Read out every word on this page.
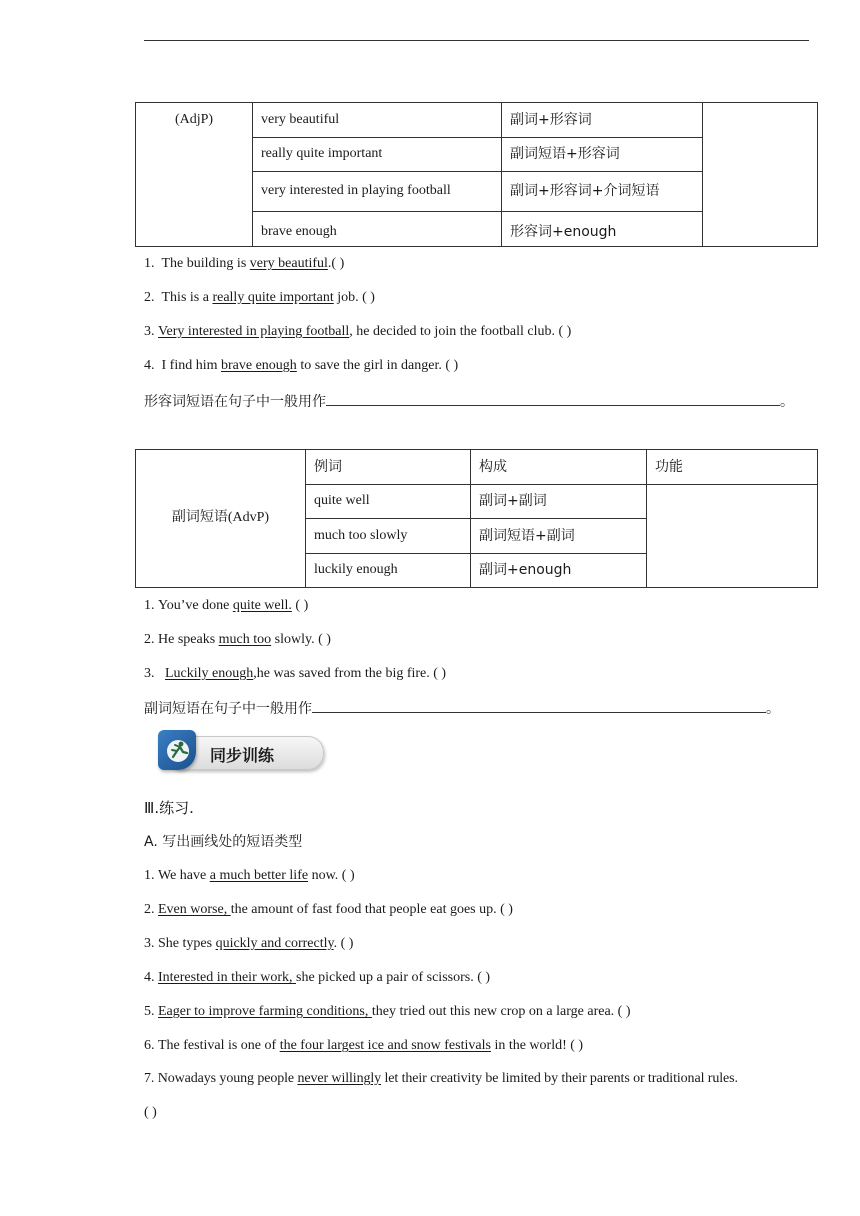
(AdjP)	very beautiful	副词+形容词	
	really quite important	副词短语+形容词	
	very interested in playing football	副词+形容词+介词短语	
	brave enough	形容词+enough	
1. The building is very beautiful.( )
2. This is a really quite important job. ( )
3. Very interested in playing football, he decided to join the football club. ( )
4. I find him brave enough to save the girl in danger. ( )
形容词短语在句子中一般用作	。
副词短语(AdvP)	例词	构成	功能
	quite well	副词+副词	
	much too slowly	副词短语+副词	
	luckily enough	副词+enough	
1. You’ve done quite well. ( )
2. He speaks much too slowly. ( )
3. Luckily enough,he was saved from the big fire. ( )
副词短语在句子中一般用作	。
同步训练
Ⅲ.练习.
A. 写出画线处的短语类型
1. We have a much better life now. ( )
2. Even worse, the amount of fast food that people eat goes up. ( )
3. She types quickly and correctly. ( )
4. Interested in their work, she picked up a pair of scissors. ( )
5. Eager to improve farming conditions, they tried out this new crop on a large area. ( )
6. The festival is one of the four largest ice and snow festivals in the world! ( )
7. Nowadays young people never willingly let their creativity be limited by their parents or traditional rules.
( )
